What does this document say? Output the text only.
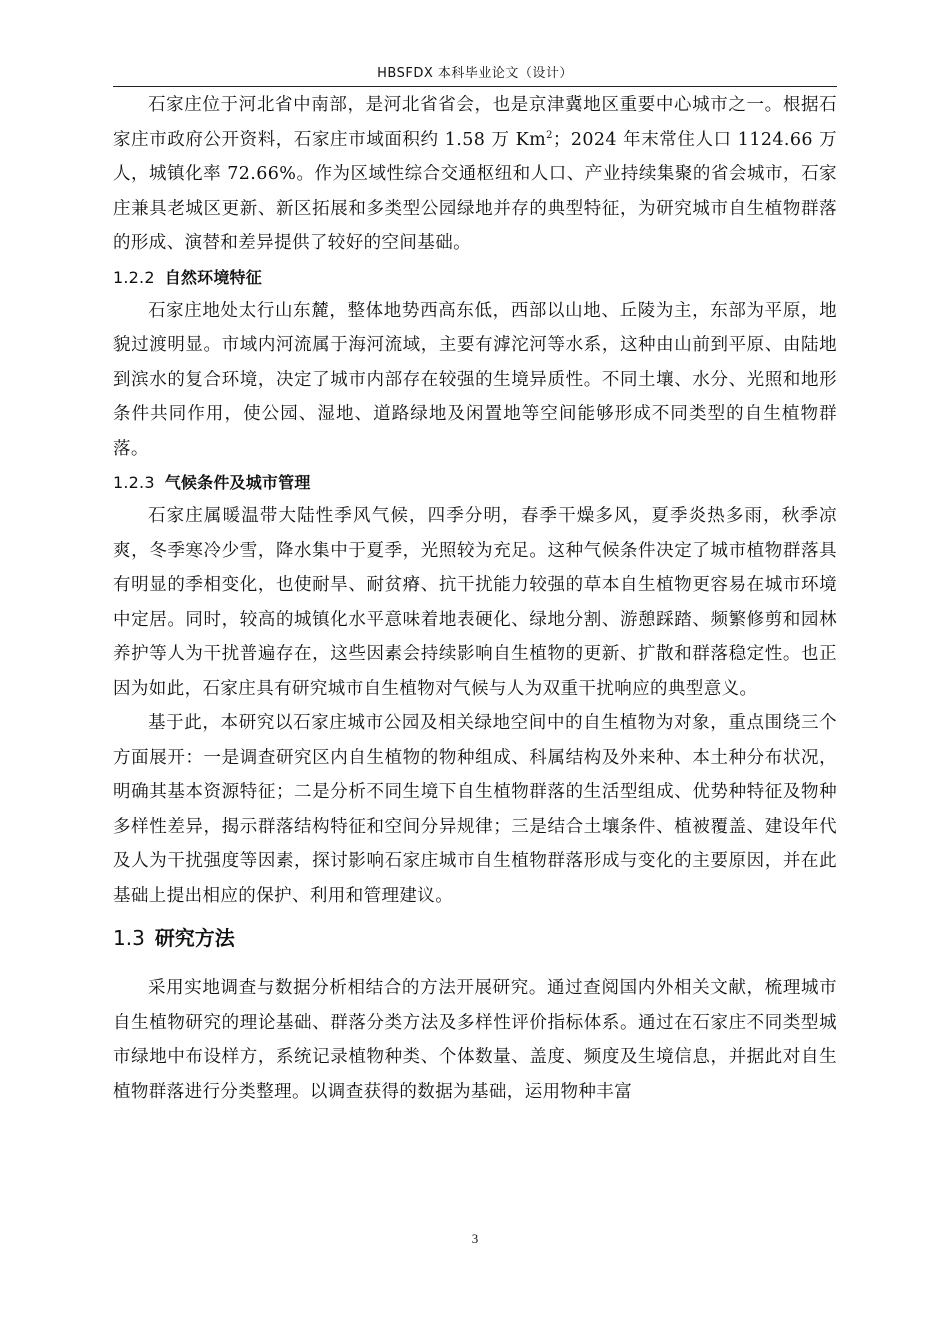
HBSFDX 本科毕业论文（设计）

石家庄位于河北省中南部，是河北省省会，也是京津冀地区重要中心城市之一。根据石家庄市政府公开资料，石家庄市域面积约 1.58 万 Km$^2$；2024 年末常住人口 1124.66 万人，城镇化率 72.66%。作为区域性综合交通枢纽和人口、产业持续集聚的省会城市，石家庄兼具老城区更新、新区拓展和多类型公园绿地并存的典型特征，为研究城市自生植物群落的形成、演替和差异提供了较好的空间基础。

1.2.2 自然环境特征

石家庄地处太行山东麓，整体地势西高东低，西部以山地、丘陵为主，东部为平原，地貌过渡明显。市域内河流属于海河流域，主要有滹沱河等水系，这种由山前到平原、由陆地到滨水的复合环境，决定了城市内部存在较强的生境异质性。不同土壤、水分、光照和地形条件共同作用，使公园、湿地、道路绿地及闲置地等空间能够形成不同类型的自生植物群落。

1.2.3 气候条件及城市管理

石家庄属暖温带大陆性季风气候，四季分明，春季干燥多风，夏季炎热多雨，秋季凉爽，冬季寒冷少雪，降水集中于夏季，光照较为充足。这种气候条件决定了城市植物群落具有明显的季相变化，也使耐旱、耐贫瘠、抗干扰能力较强的草本自生植物更容易在城市环境中定居。同时，较高的城镇化水平意味着地表硬化、绿地分割、游憩踩踏、频繁修剪和园林养护等人为干扰普遍存在，这些因素会持续影响自生植物的更新、扩散和群落稳定性。也正因为如此，石家庄具有研究城市自生植物对气候与人为双重干扰响应的典型意义。

基于此，本研究以石家庄城市公园及相关绿地空间中的自生植物为对象，重点围绕三个方面展开：一是调查研究区内自生植物的物种组成、科属结构及外来种、本土种分布状况，明确其基本资源特征；二是分析不同生境下自生植物群落的生活型组成、优势种特征及物种多样性差异，揭示群落结构特征和空间分异规律；三是结合土壤条件、植被覆盖、建设年代及人为干扰强度等因素，探讨影响石家庄城市自生植物群落形成与变化的主要原因，并在此基础上提出相应的保护、利用和管理建议。

1.3 研究方法

采用实地调查与数据分析相结合的方法开展研究。通过查阅国内外相关文献，梳理城市自生植物研究的理论基础、群落分类方法及多样性评价指标体系。通过在石家庄不同类型城市绿地中布设样方，系统记录植物种类、个体数量、盖度、频度及生境信息，并据此对自生植物群落进行分类整理。以调查获得的数据为基础，运用物种丰富

3
